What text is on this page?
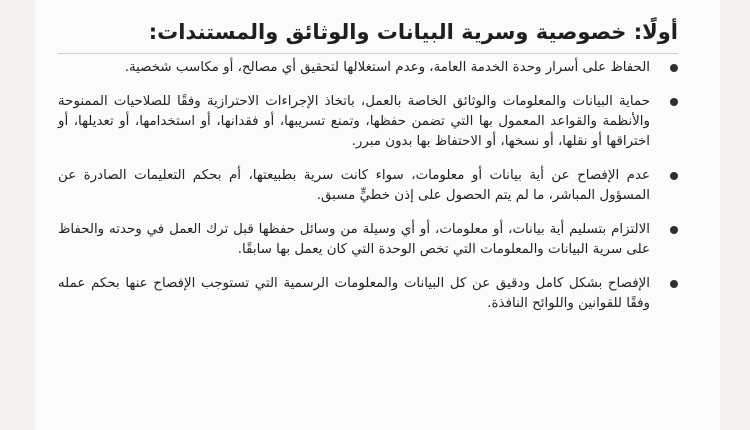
أولًا: خصوصية وسرية البيانات والوثائق والمستندات:
الحفاظ على أسرار وحدة الخدمة العامة، وعدم استغلالها لتحقيق أي مصالح، أو مكاسب شخصية.
حماية البيانات والمعلومات والوثائق الخاصة بالعمل، باتخاذ الإجراءات الاحترازية وفقًا للصلاحيات الممنوحة والأنظمة والقواعد المعمول بها التي تضمن حفظها، وتمنع تسريبها، أو فقدانها، أو استخدامها، أو تعديلها، أو اختراقها أو نقلها، أو نسخها، أو الاحتفاظ بها بدون مبرر.
عدم الإفصاح عن أية بيانات أو معلومات، سواء كانت سرية بطبيعتها، أم بحكم التعليمات الصادرة عن المسؤول المباشر، ما لم يتم الحصول على إذن خطيٍّ مسبق.
الالتزام بتسليم أية بيانات، أو معلومات، أو أي وسيلة من وسائل حفظها قبل ترك العمل في وحدته والحفاظ على سرية البيانات والمعلومات التي تخص الوحدة التي كان يعمل بها سابقًا.
الإفصاح بشكل كامل ودقيق عن كل البيانات والمعلومات الرسمية التي تستوجب الإفصاح عنها بحكم عمله وفقًا للقوانين واللوائح النافذة.
